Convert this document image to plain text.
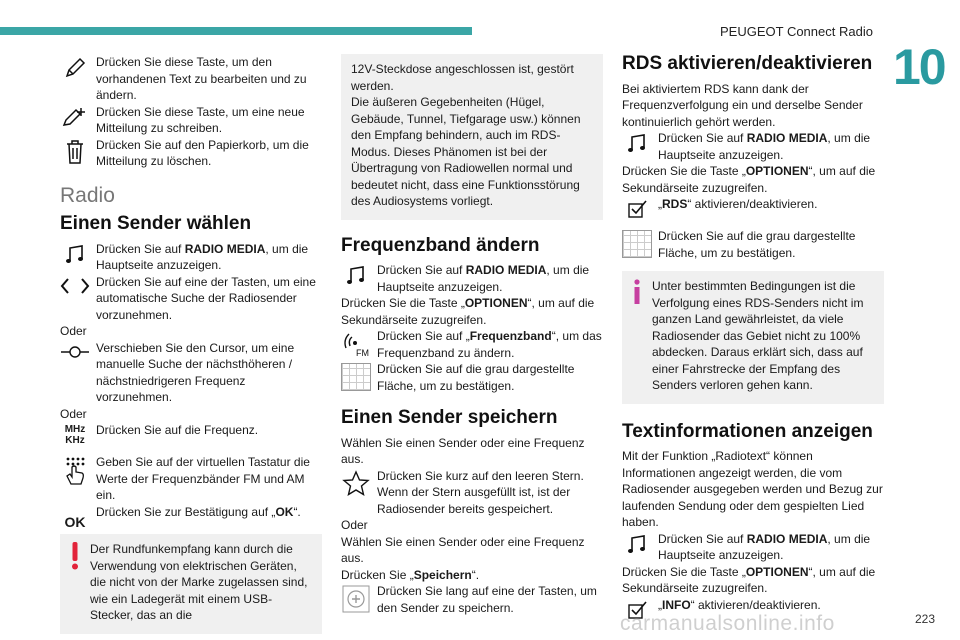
PEUGEOT Connect Radio
10
Drücken Sie diese Taste, um den vorhandenen Text zu bearbeiten und zu ändern.
Drücken Sie diese Taste, um eine neue Mitteilung zu schreiben.
Drücken Sie auf den Papierkorb, um die Mitteilung zu löschen.
Radio
Einen Sender wählen
Drücken Sie auf RADIO MEDIA, um die Hauptseite anzuzeigen.
Drücken Sie auf eine der Tasten, um eine automatische Suche der Radiosender vorzunehmen.

Oder

Verschieben Sie den Cursor, um eine manuelle Suche der nächsthöheren / nächstniedrigeren Frequenz vorzunehmen.

Oder

MHz
KHz
Drücken Sie auf die Frequenz.
Geben Sie auf der virtuellen Tastatur die Werte der Frequenzbänder FM und AM ein.
OK
Drücken Sie zur Bestätigung auf „OK“.
Der Rundfunkempfang kann durch die Verwendung von elektrischen Geräten, die nicht von der Marke zugelassen sind, wie ein Ladegerät mit einem USB-Stecker, das an die
12V-Steckdose angeschlossen ist, gestört werden.
Die äußeren Gegebenheiten (Hügel, Gebäude, Tunnel, Tiefgarage usw.) können den Empfang behindern, auch im RDS-Modus. Dieses Phänomen ist bei der Übertragung von Radiowellen normal und bedeutet nicht, dass eine Funktionsstörung des Audiosystems vorliegt.
Frequenzband ändern
Drücken Sie auf RADIO MEDIA, um die Hauptseite anzuzeigen.

Drücken Sie die Taste „OPTIONEN“, um auf die Sekundärseite zuzugreifen.

FM
Drücken Sie auf „Frequenzband“, um das Frequenzband zu ändern.
Drücken Sie auf die grau dargestellte Fläche, um zu bestätigen.
Einen Sender speichern

Wählen Sie einen Sender oder eine Frequenz aus.

Drücken Sie kurz auf den leeren Stern. Wenn der Stern ausgefüllt ist, ist der Radiosender bereits gespeichert.

Oder

Wählen Sie einen Sender oder eine Frequenz aus.

Drücken Sie „Speichern“.

Drücken Sie lang auf eine der Tasten, um den Sender zu speichern.
RDS aktivieren/deaktivieren

Bei aktiviertem RDS kann dank der Frequenzverfolgung ein und derselbe Sender kontinuierlich gehört werden.

Drücken Sie auf RADIO MEDIA, um die Hauptseite anzuzeigen.

Drücken Sie die Taste „OPTIONEN“, um auf die Sekundärseite zuzugreifen.

„RDS“ aktivieren/deaktivieren.
Drücken Sie auf die grau dargestellte Fläche, um zu bestätigen.
Unter bestimmten Bedingungen ist die Verfolgung eines RDS-Senders nicht im ganzen Land gewährleistet, da viele Radiosender das Gebiet nicht zu 100% abdecken. Daraus erklärt sich, dass auf einer Fahrstrecke der Empfang des Senders verloren gehen kann.
Textinformationen anzeigen

Mit der Funktion „Radiotext“ können Informationen angezeigt werden, die vom Radiosender ausgegeben werden und Bezug zur laufenden Sendung oder dem gespielten Lied haben.

Drücken Sie auf RADIO MEDIA, um die Hauptseite anzuzeigen.

Drücken Sie die Taste „OPTIONEN“, um auf die Sekundärseite zuzugreifen.

„INFO“ aktivieren/deaktivieren.
carmanualsonline.info	223
